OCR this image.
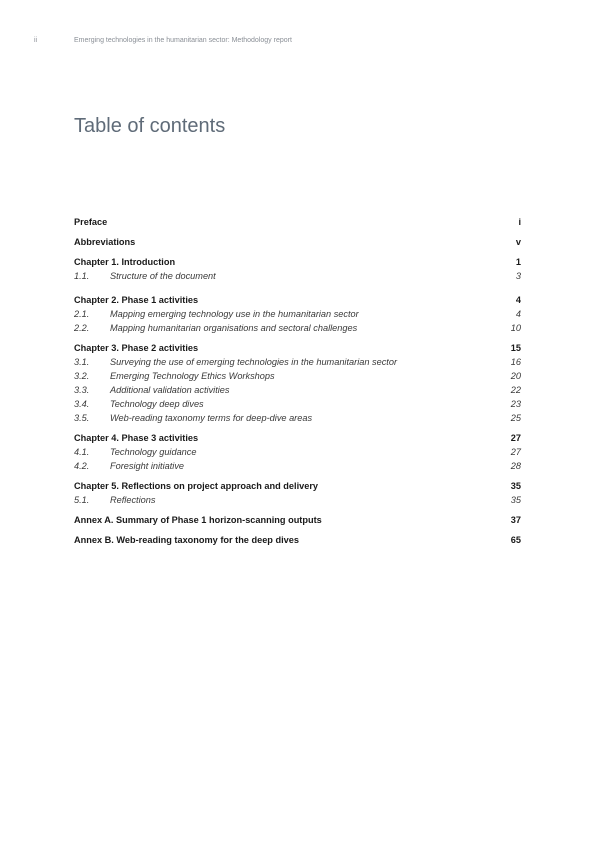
ii	Emerging technologies in the humanitarian sector: Methodology report
Table of contents
Preface	i
Abbreviations	v
Chapter 1. Introduction	1
1.1.	Structure of the document	3
Chapter 2. Phase 1 activities	4
2.1.	Mapping emerging technology use in the humanitarian sector	4
2.2.	Mapping humanitarian organisations and sectoral challenges	10
Chapter 3. Phase 2 activities	15
3.1.	Surveying the use of emerging technologies in the humanitarian sector	16
3.2.	Emerging Technology Ethics Workshops	20
3.3.	Additional validation activities	22
3.4.	Technology deep dives	23
3.5.	Web-reading taxonomy terms for deep-dive areas	25
Chapter 4. Phase 3 activities	27
4.1.	Technology guidance	27
4.2.	Foresight initiative	28
Chapter 5. Reflections on project approach and delivery	35
5.1.	Reflections	35
Annex A. Summary of Phase 1 horizon-scanning outputs	37
Annex B. Web-reading taxonomy for the deep dives	65
